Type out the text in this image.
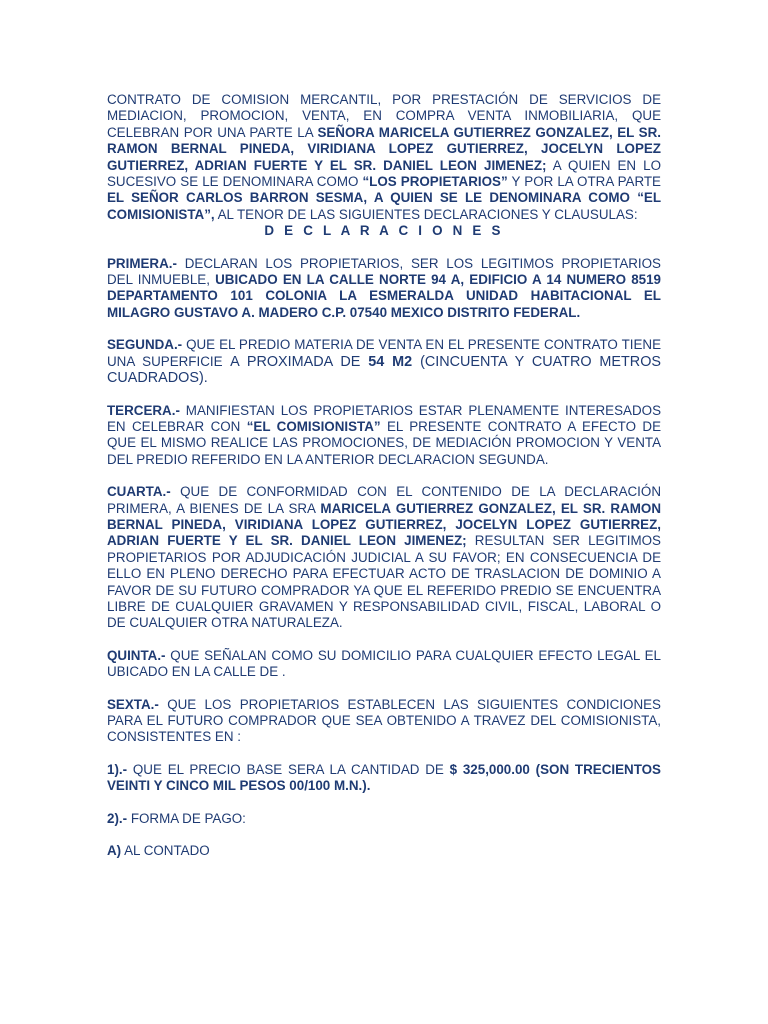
CONTRATO DE COMISION MERCANTIL, POR PRESTACIÓN DE SERVICIOS DE MEDIACION, PROMOCION, VENTA, EN COMPRA VENTA INMOBILIARIA, QUE CELEBRAN POR UNA PARTE LA SEÑORA MARICELA GUTIERREZ GONZALEZ, EL SR. RAMON BERNAL PINEDA, VIRIDIANA LOPEZ GUTIERREZ, JOCELYN LOPEZ GUTIERREZ, ADRIAN FUERTE Y EL SR. DANIEL LEON JIMENEZ; A QUIEN EN LO SUCESIVO SE LE DENOMINARA COMO “LOS PROPIETARIOS” Y POR LA OTRA PARTE EL SEÑOR CARLOS BARRON SESMA, A QUIEN SE LE DENOMINARA COMO “EL COMISIONISTA”, AL TENOR DE LAS SIGUIENTES DECLARACIONES Y CLAUSULAS:

D E C L A R A C I O N E S

PRIMERA.- DECLARAN LOS PROPIETARIOS, SER LOS LEGITIMOS PROPIETARIOS DEL INMUEBLE, UBICADO EN LA CALLE NORTE 94 A, EDIFICIO A 14 NUMERO 8519 DEPARTAMENTO 101 COLONIA LA ESMERALDA UNIDAD HABITACIONAL EL MILAGRO GUSTAVO A. MADERO C.P. 07540 MEXICO DISTRITO FEDERAL.

SEGUNDA.- QUE EL PREDIO MATERIA DE VENTA EN EL PRESENTE CONTRATO TIENE UNA SUPERFICIE A PROXIMADA DE 54 M2 (CINCUENTA Y CUATRO METROS CUADRADOS).

TERCERA.- MANIFIESTAN LOS PROPIETARIOS ESTAR PLENAMENTE INTERESADOS EN CELEBRAR CON “EL COMISIONISTA” EL PRESENTE CONTRATO A EFECTO DE QUE EL MISMO REALICE LAS PROMOCIONES, DE MEDIACIÓN PROMOCION Y VENTA DEL PREDIO REFERIDO EN LA ANTERIOR DECLARACION SEGUNDA.

CUARTA.- QUE DE CONFORMIDAD CON EL CONTENIDO DE LA DECLARACIÓN PRIMERA, A BIENES DE LA SRA MARICELA GUTIERREZ GONZALEZ, EL SR. RAMON BERNAL PINEDA, VIRIDIANA LOPEZ GUTIERREZ, JOCELYN LOPEZ GUTIERREZ, ADRIAN FUERTE Y EL SR. DANIEL LEON JIMENEZ; RESULTAN SER LEGITIMOS PROPIETARIOS POR ADJUDICACIÓN JUDICIAL A SU FAVOR; EN CONSECUENCIA DE ELLO EN PLENO DERECHO PARA EFECTUAR ACTO DE TRASLACION DE DOMINIO A FAVOR DE SU FUTURO COMPRADOR YA QUE EL REFERIDO PREDIO SE ENCUENTRA LIBRE DE CUALQUIER GRAVAMEN Y RESPONSABILIDAD CIVIL, FISCAL, LABORAL O DE CUALQUIER OTRA NATURALEZA.

QUINTA.- QUE SEÑALAN COMO SU DOMICILIO PARA CUALQUIER EFECTO LEGAL EL UBICADO EN LA CALLE DE .

SEXTA.- QUE LOS PROPIETARIOS ESTABLECEN LAS SIGUIENTES CONDICIONES PARA EL FUTURO COMPRADOR QUE SEA OBTENIDO A TRAVEZ DEL COMISIONISTA, CONSISTENTES EN :

1).- QUE EL PRECIO BASE SERA LA CANTIDAD DE $ 325,000.00 (SON TRECIENTOS VEINTI Y CINCO MIL PESOS 00/100 M.N.).

2).- FORMA DE PAGO:

A) AL CONTADO
